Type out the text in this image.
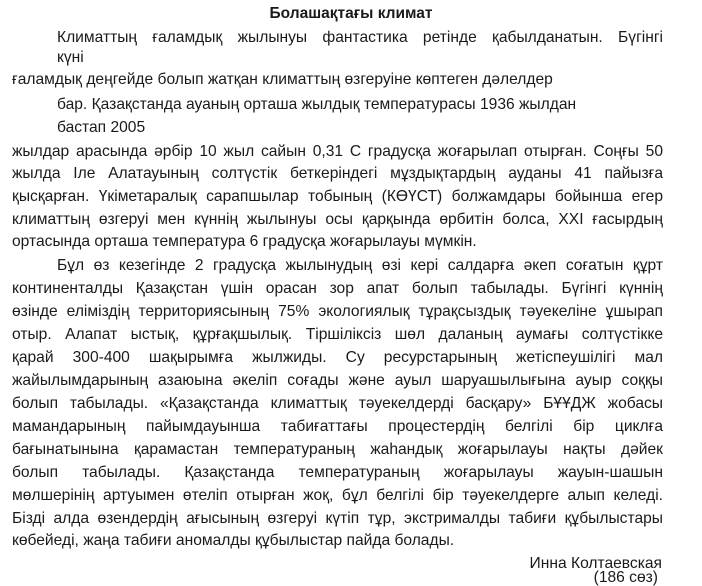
Болашақтағы климат
Климаттың ғаламдық жылынуы фантастика ретінде қабылданатын. Бүгінгі
күні
ғаламдық деңгейде болып жатқан климаттың өзгеруіне көптеген дәлелдер
бар. Қазақстанда ауаның орташа жылдық температурасы 1936 жылдан
бастап 2005
жылдар арасында әрбір 10 жыл сайын 0,31 С градусқа жоғарылап отырған. Соңғы 50
жылда Іле Алатауының солтүстік беткеріндегі мұздықтардың ауданы 41 пайызға
қысқарған. Үкіметаралық сарапшылар тобының (КӨҮСТ) болжамдары бойынша егер
климаттың өзгеруі мен күннің жылынуы осы қарқында өрбитін болса, XXI ғасырдың
ортасында орташа температура 6 градусқа жоғарылауы мүмкін.
Бұл өз кезегінде 2 градусқа жылынудың өзі кері салдарға әкеп соғатын құрт
континенталды Қазақстан үшін орасан зор апат болып табылады. Бүгінгі күннің
өзінде еліміздің территориясының 75% экологиялық тұрақсыздық тәуекеліне ұшырап
отыр. Алапат ыстық, құрғақшылық. Тіршіліксіз шөл даланың аумағы солтүстікке
қарай 300-400 шақырымға жылжиды. Су ресурстарының жетіспеушілігі мал
жайылымдарының азаюына әкеліп соғады және ауыл шаруашылығына ауыр соққы
болып табылады. «Қазақстанда климаттық тәуекелдерді басқару» БҰҰДЖ жобасы
мамандарының пайымдауынша табиғаттағы процестердің белгілі бір циклға
бағынатынына қарамастан температураның жаһандық жоғарылауы нақты дәйек
болып табылады. Қазақстанда температураның жоғарылауы жауын-шашын
мөлшерінің артуымен өтеліп отырған жоқ, бұл белгілі бір тәуекелдерге алып келеді.
Бізді алда өзендердің ағысының өзгеруі күтіп тұр, экстрималды табиғи құбылыстары
көбейеді, жаңа табиғи аномалды құбылыстар пайда болады.
Инна Колтаевская
(186 сөз)
